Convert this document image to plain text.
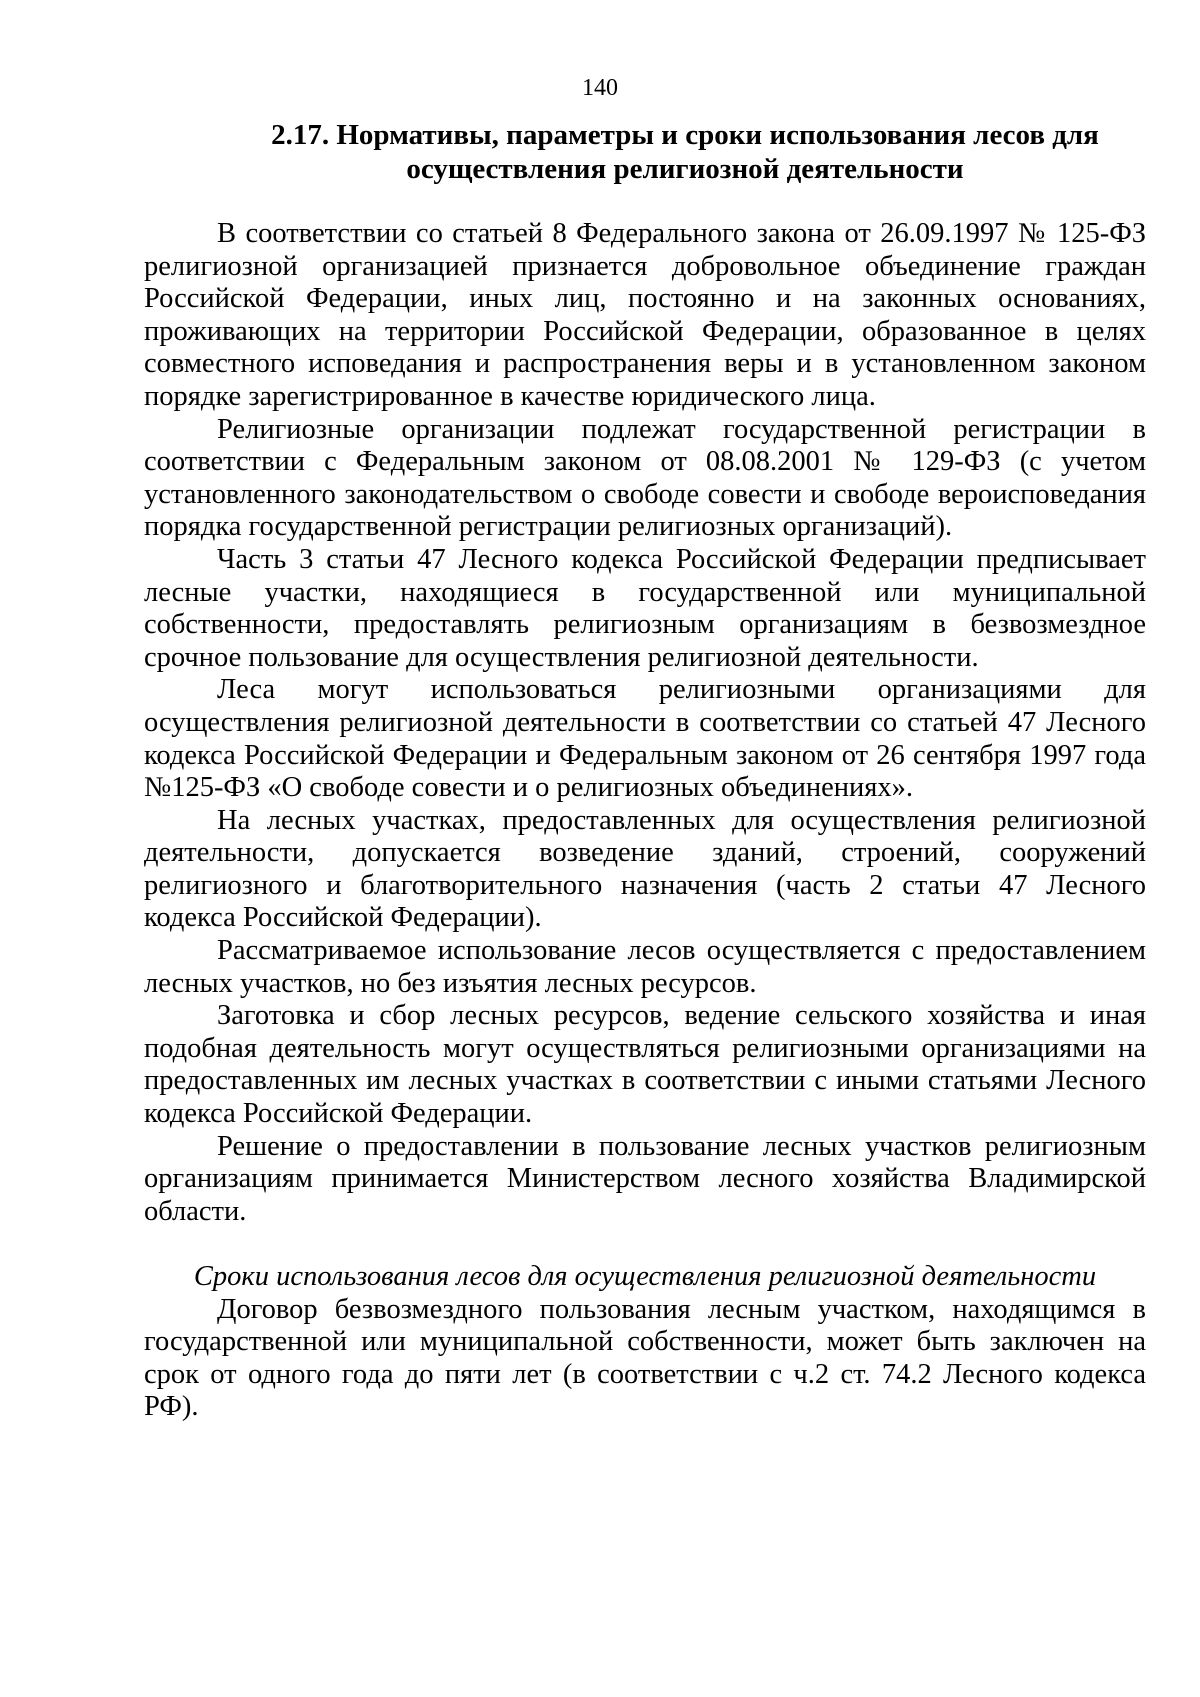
140
2.17. Нормативы, параметры и сроки использования лесов для осуществления религиозной деятельности

В соответствии со статьей 8 Федерального закона от 26.09.1997 № 125-ФЗ религиозной организацией признается добровольное объединение граждан Российской Федерации, иных лиц, постоянно и на законных основаниях, проживающих на территории Российской Федерации, образованное в целях совместного исповедания и распространения веры и в установленном законом порядке зарегистрированное в качестве юридического лица.

Религиозные организации подлежат государственной регистрации в соответствии с Федеральным законом от 08.08.2001 № 129-ФЗ (с учетом установленного законодательством о свободе совести и свободе вероисповедания порядка государственной регистрации религиозных организаций).

Часть 3 статьи 47 Лесного кодекса Российской Федерации предписывает лесные участки, находящиеся в государственной или муниципальной собственности, предоставлять религиозным организациям в безвозмездное срочное пользование для осуществления религиозной деятельности.

Леса могут использоваться религиозными организациями для осуществления религиозной деятельности в соответствии со статьей 47 Лесного кодекса Российской Федерации и Федеральным законом от 26 сентября 1997 года №125-ФЗ «О свободе совести и о религиозных объединениях».

На лесных участках, предоставленных для осуществления религиозной деятельности, допускается возведение зданий, строений, сооружений религиозного и благотворительного назначения (часть 2 статьи 47 Лесного кодекса Российской Федерации).

Рассматриваемое использование лесов осуществляется с предоставлением лесных участков, но без изъятия лесных ресурсов.

Заготовка и сбор лесных ресурсов, ведение сельского хозяйства и иная подобная деятельность могут осуществляться религиозными организациями на предоставленных им лесных участках в соответствии с иными статьями Лесного кодекса Российской Федерации.

Решение о предоставлении в пользование лесных участков религиозным организациям принимается Министерством лесного хозяйства Владимирской области.

Сроки использования лесов для осуществления религиозной деятельности

Договор безвозмездного пользования лесным участком, находящимся в государственной или муниципальной собственности, может быть заключен на срок от одного года до пяти лет (в соответствии с ч.2 ст. 74.2 Лесного кодекса РФ).
